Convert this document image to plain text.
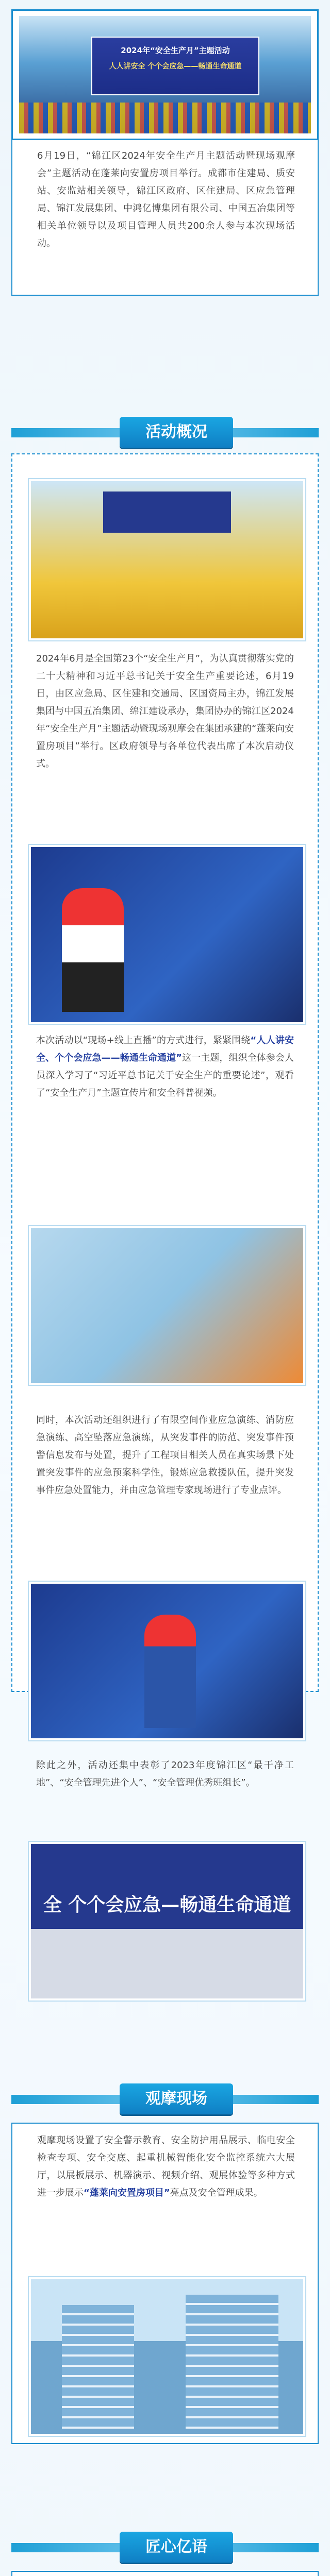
2024年“安全生产月”主题活动
人人讲安全 个个会应急——畅通生命通道
6月19日，“锦江区2024年安全生产月主题活动暨现场观摩会”主题活动在蓬莱向安置房项目举行。成都市住建局、质安站、安监站相关领导，锦江区政府、区住建局、区应急管理局、锦江发展集团、中鸿亿博集团有限公司、中国五冶集团等相关单位领导以及项目管理人员共200余人参与本次现场活动。
活动概况
2024年6月是全国第23个“安全生产月”，为认真贯彻落实党的二十大精神和习近平总书记关于安全生产重要论述，6月19日，由区应急局、区住建和交通局、区国资局主办，锦江发展集团与中国五冶集团、绵江建设承办，集团协办的锦江区2024年“安全生产月”主题活动暨现场观摩会在集团承建的“蓬莱向安置房项目”举行。区政府领导与各单位代表出席了本次启动仪式。
本次活动以“现场+线上直播”的方式进行，紧紧围绕“人人讲安全、个个会应急——畅通生命通道”这一主题，组织全体参会人员深入学习了“习近平总书记关于安全生产的重要论述”，观看了“安全生产月”主题宣传片和安全科普视频。
同时，本次活动还组织进行了有限空间作业应急演练、消防应急演练、高空坠落应急演练，从突发事件的防范、突发事件预警信息发布与处置，提升了工程项目相关人员在真实场景下处置突发事件的应急预案科学性，锻炼应急救援队伍，提升突发事件应急处置能力，并由应急管理专家现场进行了专业点评。
除此之外，活动还集中表彰了2023年度锦江区“最干净工地”、“安全管理先进个人”、“安全管理优秀班组长”。
全 个个会应急—畅通生命通道
观摩现场
观摩现场设置了安全警示教育、安全防护用品展示、临电安全检查专项、安全交底、起重机械智能化安全监控系统六大展厅，以展板展示、机器演示、视频介绍、观展体验等多种方式进一步展示“蓬莱向安置房项目”亮点及安全管理成果。
匠心亿语
